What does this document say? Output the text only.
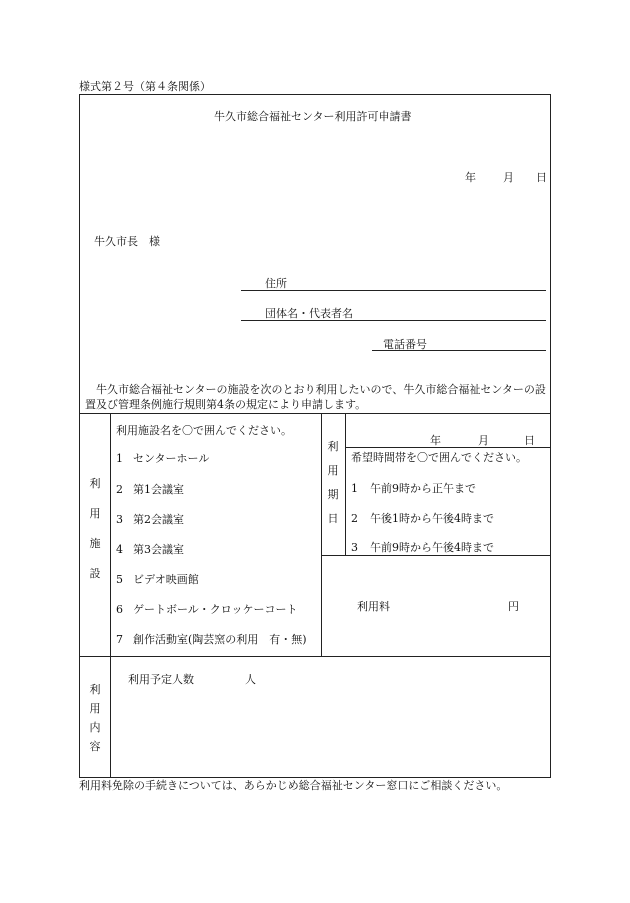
様式第２号（第４条関係）
牛久市総合福祉センター利用許可申請書
年 月 日
牛久市長　様
住所
団体名・代表者名
電話番号
　牛久市総合福祉センターの施設を次のとおり利用したいので、牛久市総合福祉センターの設置及び管理条例施行規則第4条の規定により申請します。
利
用
施
設
利用施設名を〇で囲んでください。
1 センターホール
2 第1会議室
3 第2会議室
4 第3会議室
5 ビデオ映画館
6 ゲートボール・クロッケーコート
7 創作活動室(陶芸窯の利用　有・無)
利
用
期
日
年	月	日
希望時間帯を〇で囲んでください。
1 午前9時から正午まで
2 午後1時から午後4時まで
3 午前9時から午後4時まで
利用料	円
利
用
内
容
利用予定人数	人
利用料免除の手続きについては、あらかじめ総合福祉センター窓口にご相談ください。
